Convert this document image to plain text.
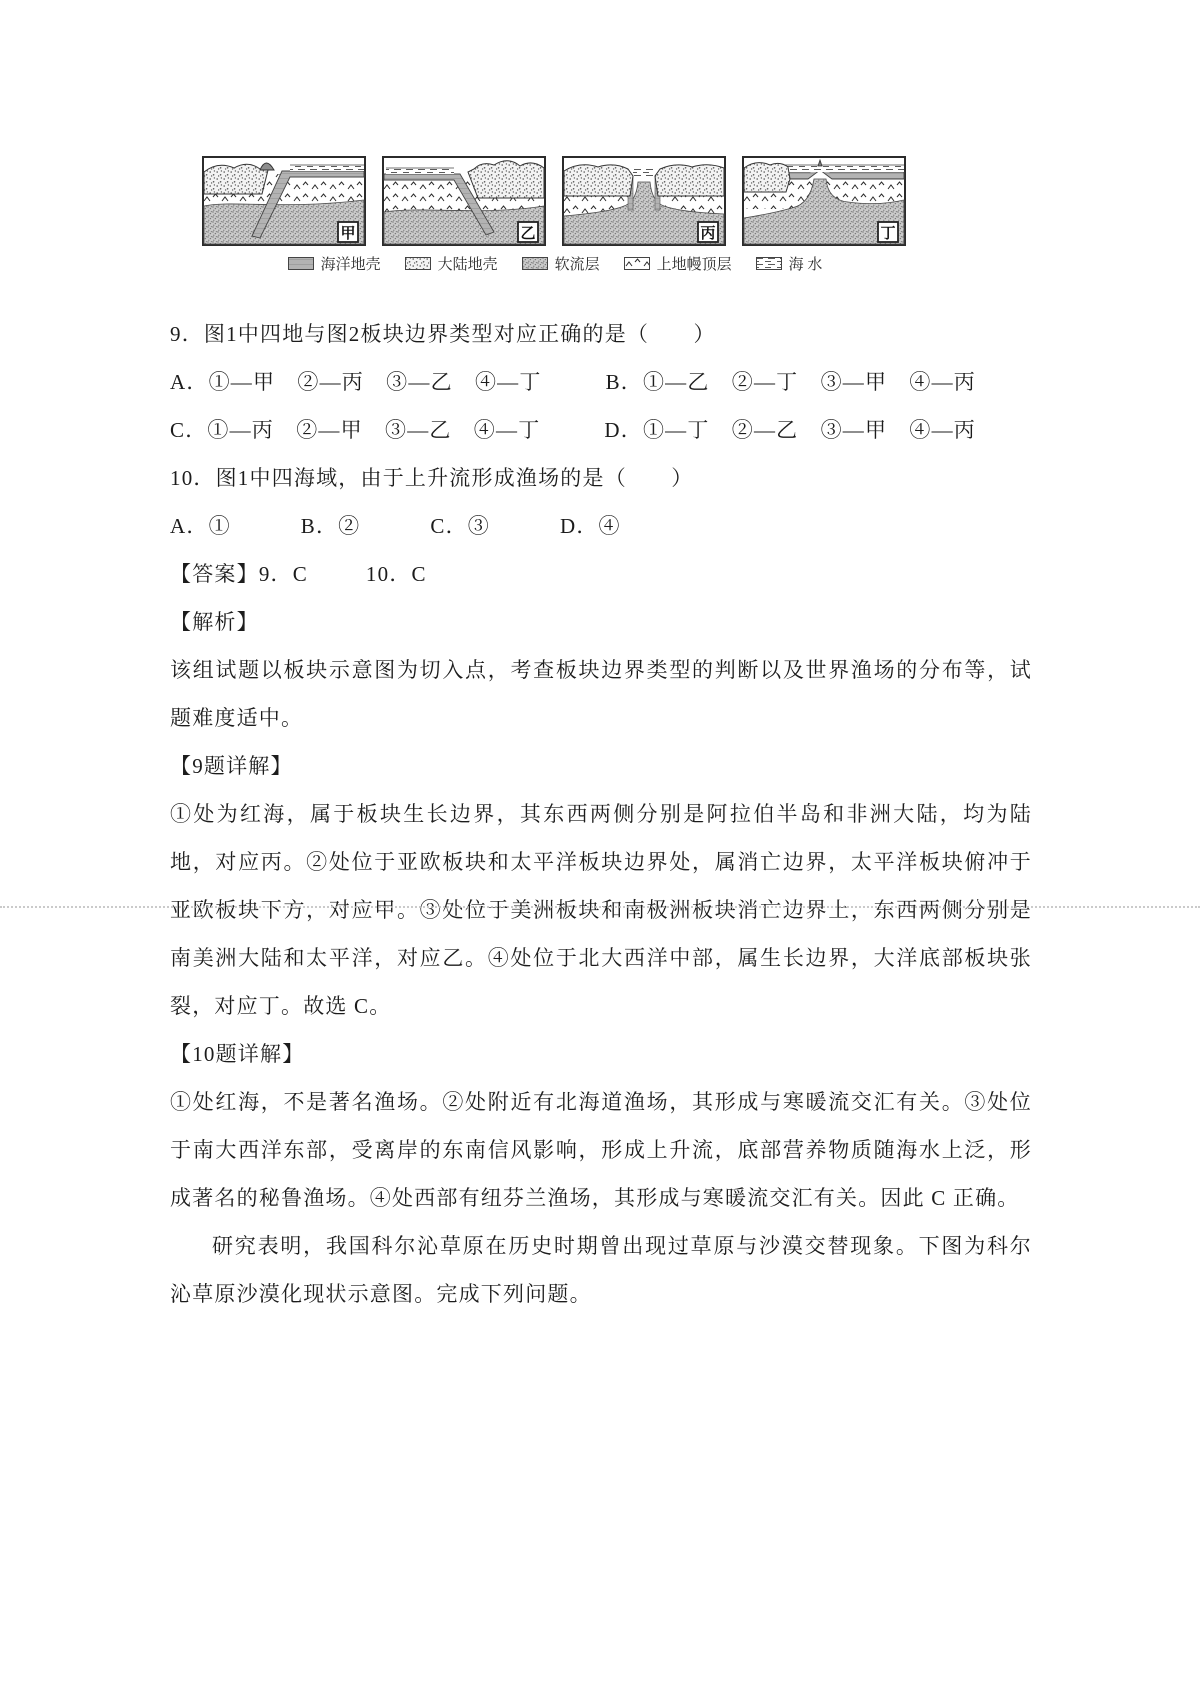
甲	乙	丙	丁
海洋地壳	大陆地壳	软流层	上地幔顶层	海 水

9．图1中四地与图2板块边界类型对应正确的是（　　）

A．①—甲　②—丙　③—乙　④—丁	B．①—乙　②—丁　③—甲　④—丙

C．①—丙　②—甲　③—乙　④—丁	D．①—丁　②—乙　③—甲　④—丙

10．图1中四海域，由于上升流形成渔场的是（　　）

A．①	B．②	C．③	D．④

【答案】9．C	10．C

【解析】

该组试题以板块示意图为切入点，考查板块边界类型的判断以及世界渔场的分布等，试题难度适中。

【9题详解】

①处为红海，属于板块生长边界，其东西两侧分别是阿拉伯半岛和非洲大陆，均为陆地，对应丙。②处位于亚欧板块和太平洋板块边界处，属消亡边界，太平洋板块俯冲于亚欧板块下方，对应甲。③处位于美洲板块和南极洲板块消亡边界上，东西两侧分别是南美洲大陆和太平洋，对应乙。④处位于北大西洋中部，属生长边界，大洋底部板块张裂，对应丁。故选 C。

【10题详解】

①处红海，不是著名渔场。②处附近有北海道渔场，其形成与寒暖流交汇有关。③处位于南大西洋东部，受离岸的东南信风影响，形成上升流，底部营养物质随海水上泛，形成著名的秘鲁渔场。④处西部有纽芬兰渔场，其形成与寒暖流交汇有关。因此 C 正确。

研究表明，我国科尔沁草原在历史时期曾出现过草原与沙漠交替现象。下图为科尔沁草原沙漠化现状示意图。完成下列问题。
